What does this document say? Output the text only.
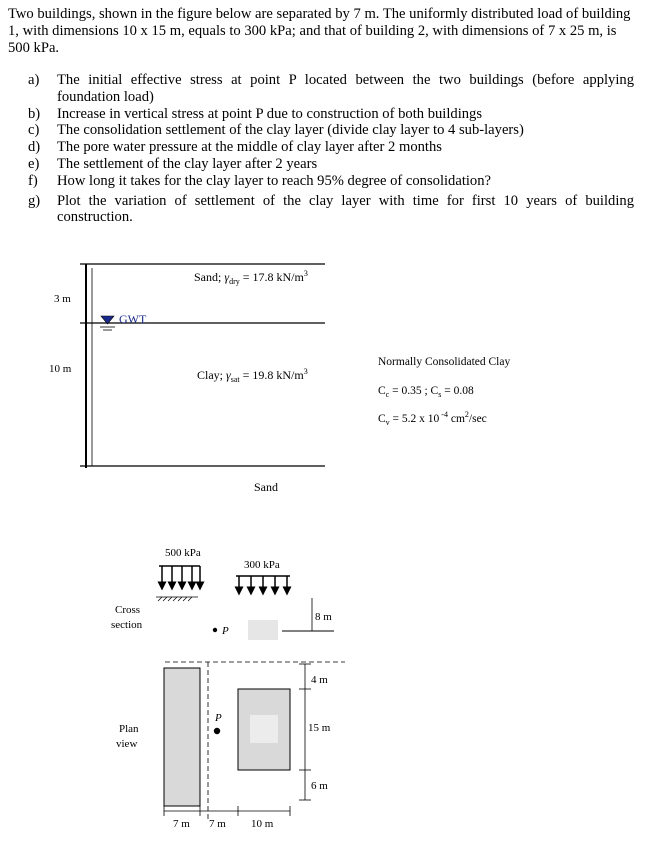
Two buildings, shown in the figure below are separated by 7 m. The uniformly distributed load of building 1, with dimensions 10 x 15 m, equals to 300 kPa; and that of building 2, with dimensions of 7 x 25 m, is 500 kPa.
a)	The initial effective stress at point P located between the two buildings (before applying foundation load)
b)	Increase in vertical stress at point P due to construction of both buildings
c)	The consolidation settlement of the clay layer (divide clay layer to 4 sub-layers)
d)	The pore water pressure at the middle of clay layer after 2 months
e)	The settlement of the clay layer after 2 years
f)	How long it takes for the clay layer to reach 95% degree of consolidation?
g)	Plot the variation of settlement of the clay layer with time for first 10 years of building construction.
GWT
3 m
10 m
Sand; $\gamma_{dry} = 17.8$ $kN/m^3$
Clay; $\gamma_{sat} = 19.8$ $kN/m^3$
Sand
Normally Consolidated Clay
$C_c = 0.35$ ; $C_s = 0.08$
$C_v = 5.2$ x 10 $^{-4}$ $cm^2/\sec$
Cross
section
500 kPa
300 kPa
P
8 m
Plan
view
P
4 m
15 m
6 m
7 m 7 m 10 m
